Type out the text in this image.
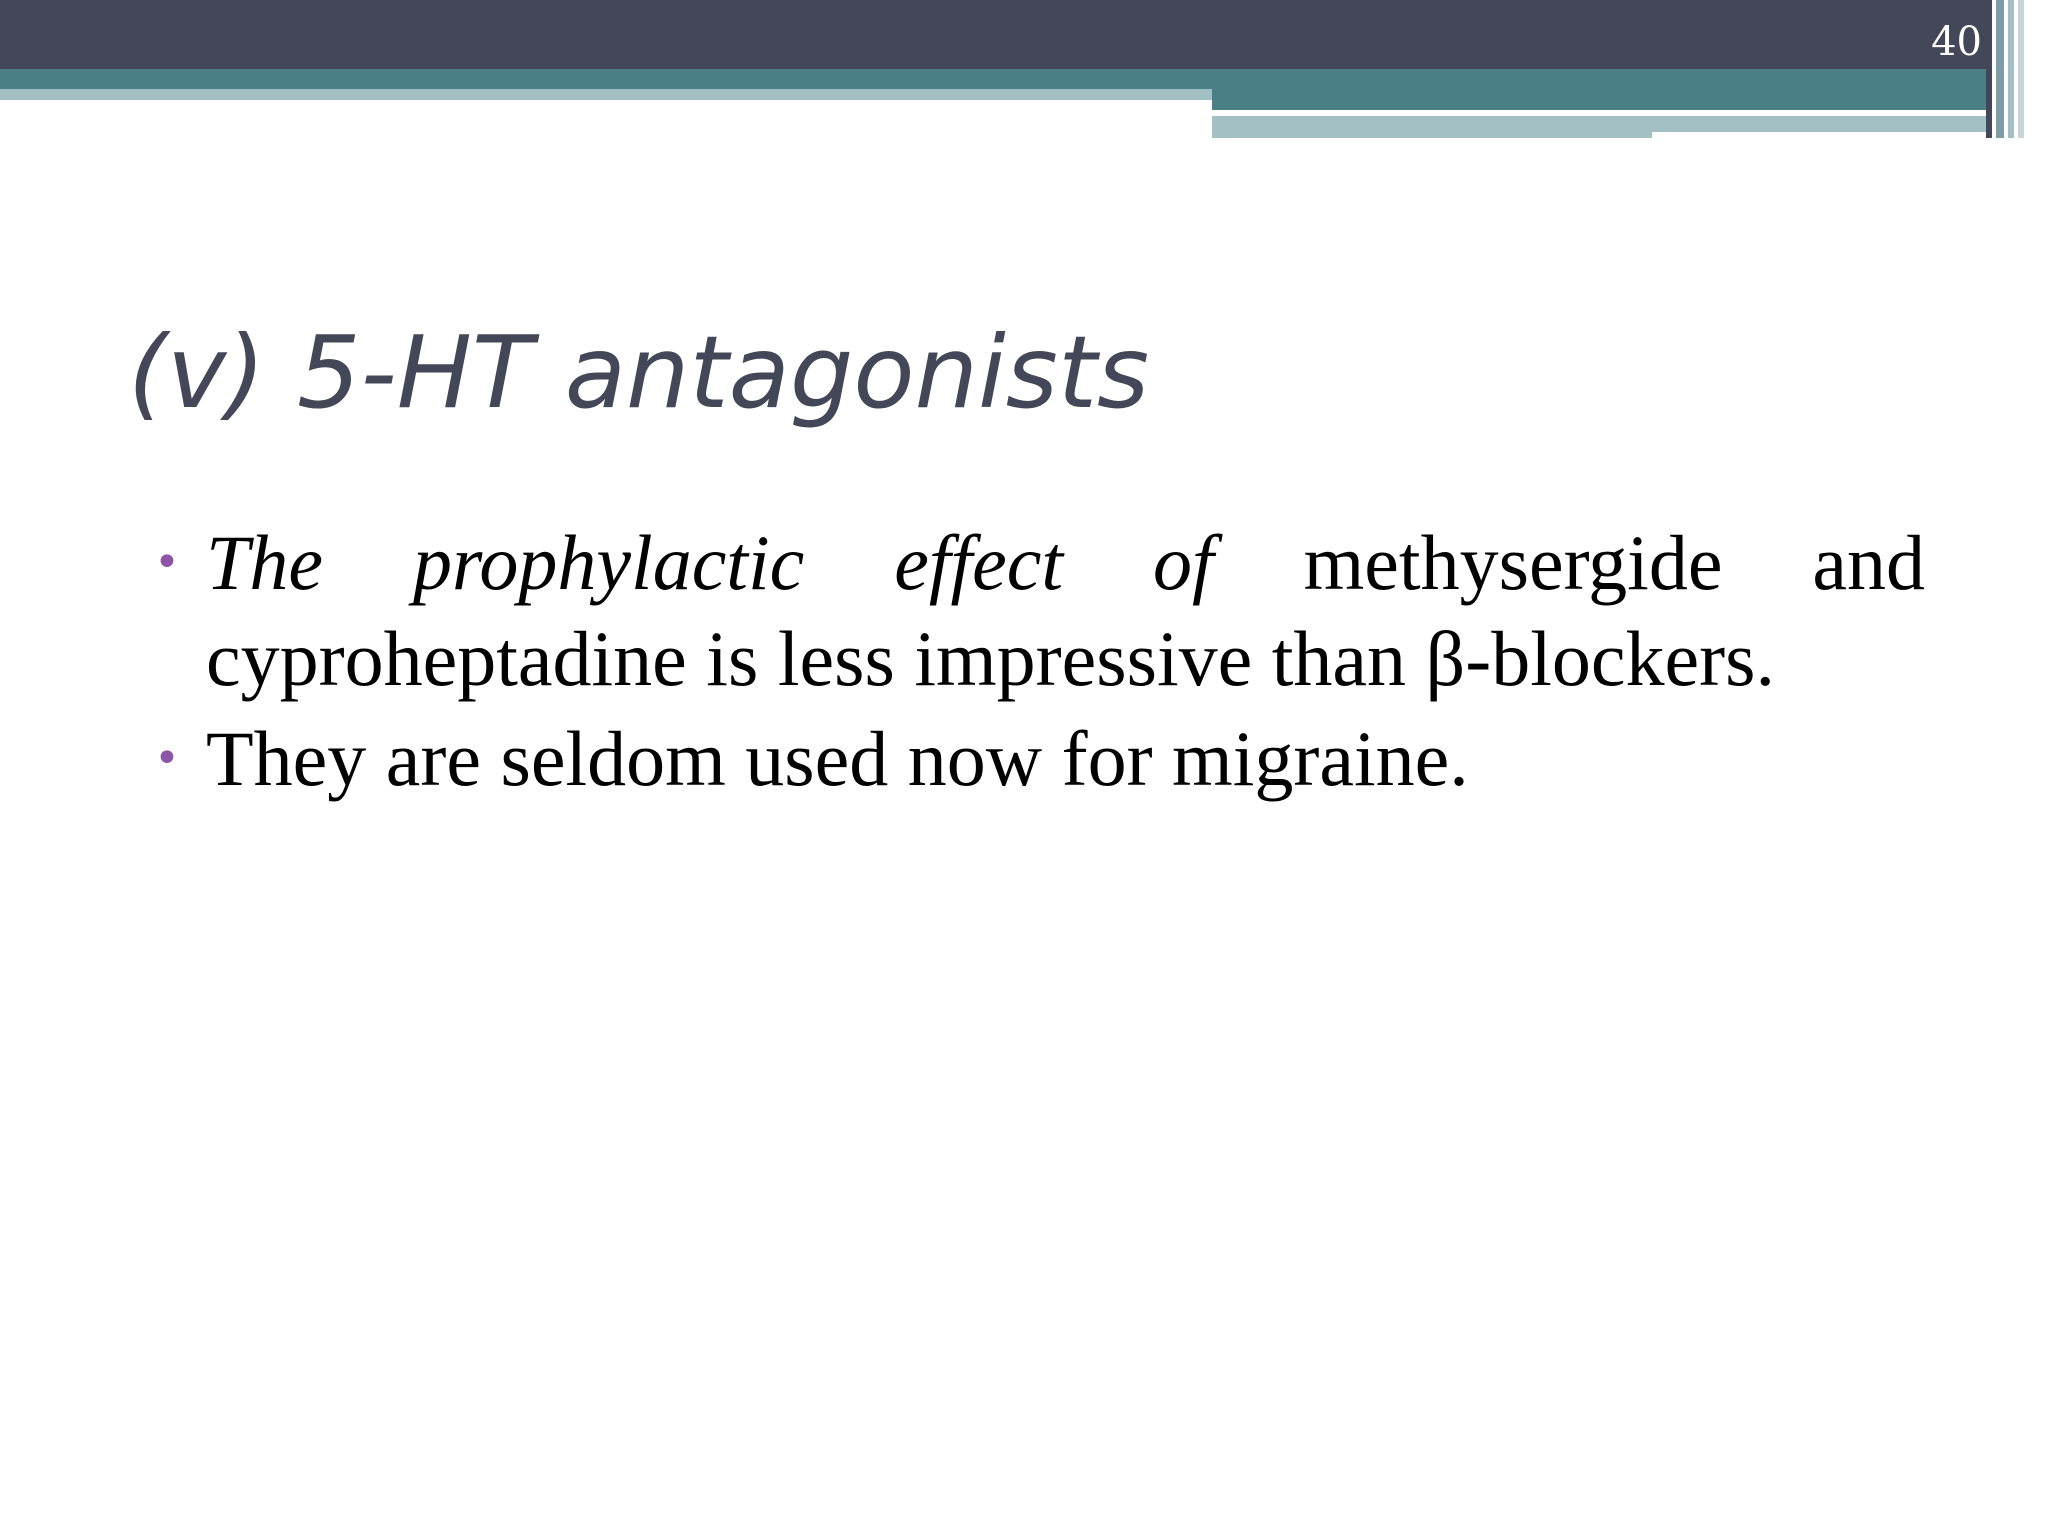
40
(v) 5-HT antagonists
• The prophylactic effect of methysergide and cyproheptadine is less impressive than β-blockers.
• They are seldom used now for migraine.
